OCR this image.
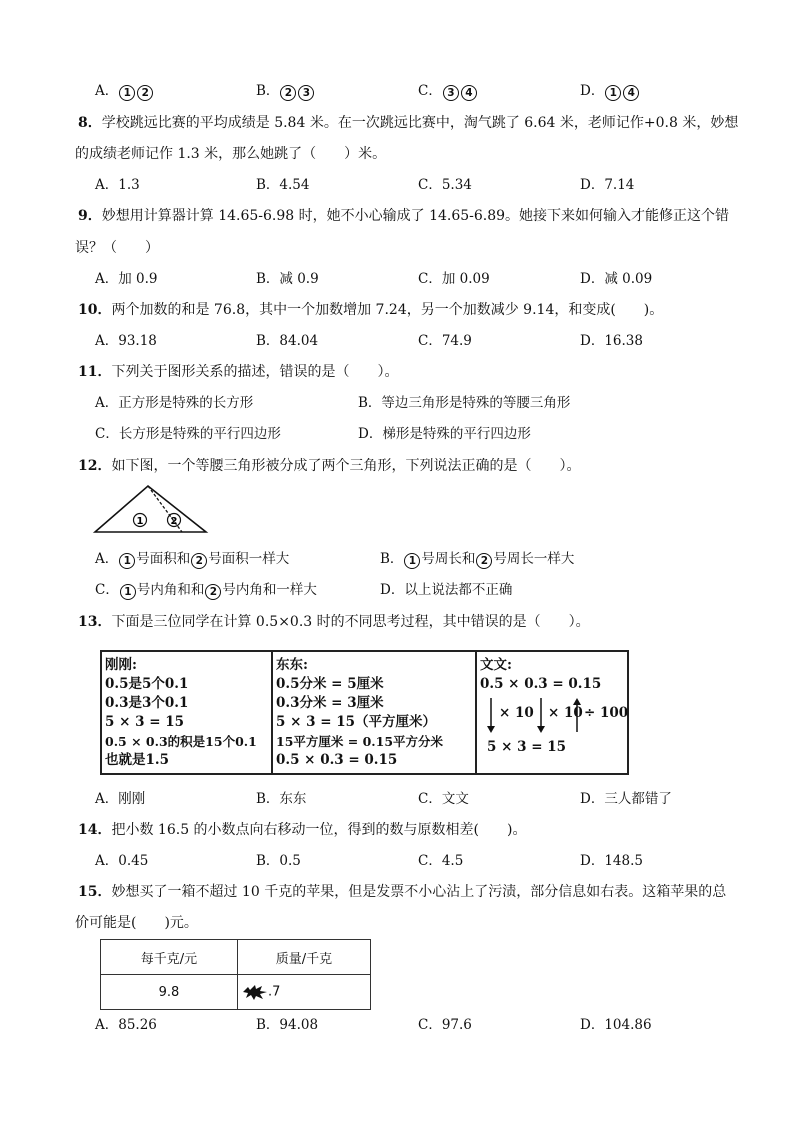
A． 1 2	B． 2 3	C． 3 4	D． 1 4
8．学校跳远比赛的平均成绩是 5.84 米。在一次跳远比赛中，淘气跳了 6.64 米，老师记作+0.8 米，妙想
的成绩老师记作 1.3 米，那么她跳了（　　）米。
A．1.3	B．4.54	C．5.34	D．7.14
9．妙想用计算器计算 14.65-6.98 时，她不小心输成了 14.65-6.89。她接下来如何输入才能修正这个错
误？（　　）
A．加 0.9	B．减 0.9	C．加 0.09	D．减 0.09
10．两个加数的和是 76.8，其中一个加数增加 7.24，另一个加数减少 9.14，和变成(　　)。
A．93.18	B．84.04	C．74.9	D．16.38
11．下列关于图形关系的描述，错误的是（　　）。
A．正方形是特殊的长方形	B．等边三角形是特殊的等腰三角形
C．长方形是特殊的平行四边形	D．梯形是特殊的平行四边形
12．如下图，一个等腰三角形被分成了两个三角形，下列说法正确的是（　　）。
1	2
A． 1 号面积和 2 号面积一样大	B． 1 号周长和 2 号周长一样大
C． 1 号内角和和 2 号内角和一样大	D．以上说法都不正确
13．下面是三位同学在计算 0.5×0.3 时的不同思考过程，其中错误的是（　　）。
刚刚:
0.5是5个0.1
0.3是3个0.1
5 × 3 = 15
0.5 × 0.3的积是15个0.1
也就是1.5
东东:
0.5分米 = 5厘米
0.3分米 = 3厘米
5 × 3 = 15（平方厘米）
15平方厘米 = 0.15平方分米
0.5 × 0.3 = 0.15
文文:
0.5 × 0.3 = 0.15
× 10 × 10 ÷ 100
5 × 3 = 15
A．刚刚	B．东东	C．文文	D．三人都错了
14．把小数 16.5 的小数点向右移动一位，得到的数与原数相差(　　)。
A．0.45	B．0.5	C．4.5	D．148.5
15．妙想买了一箱不超过 10 千克的苹果，但是发票不小心沾上了污渍，部分信息如右表。这箱苹果的总
价可能是(　　)元。
每千克/元	质量/千克
9.8	.7
A．85.26	B．94.08	C．97.6	D．104.86
